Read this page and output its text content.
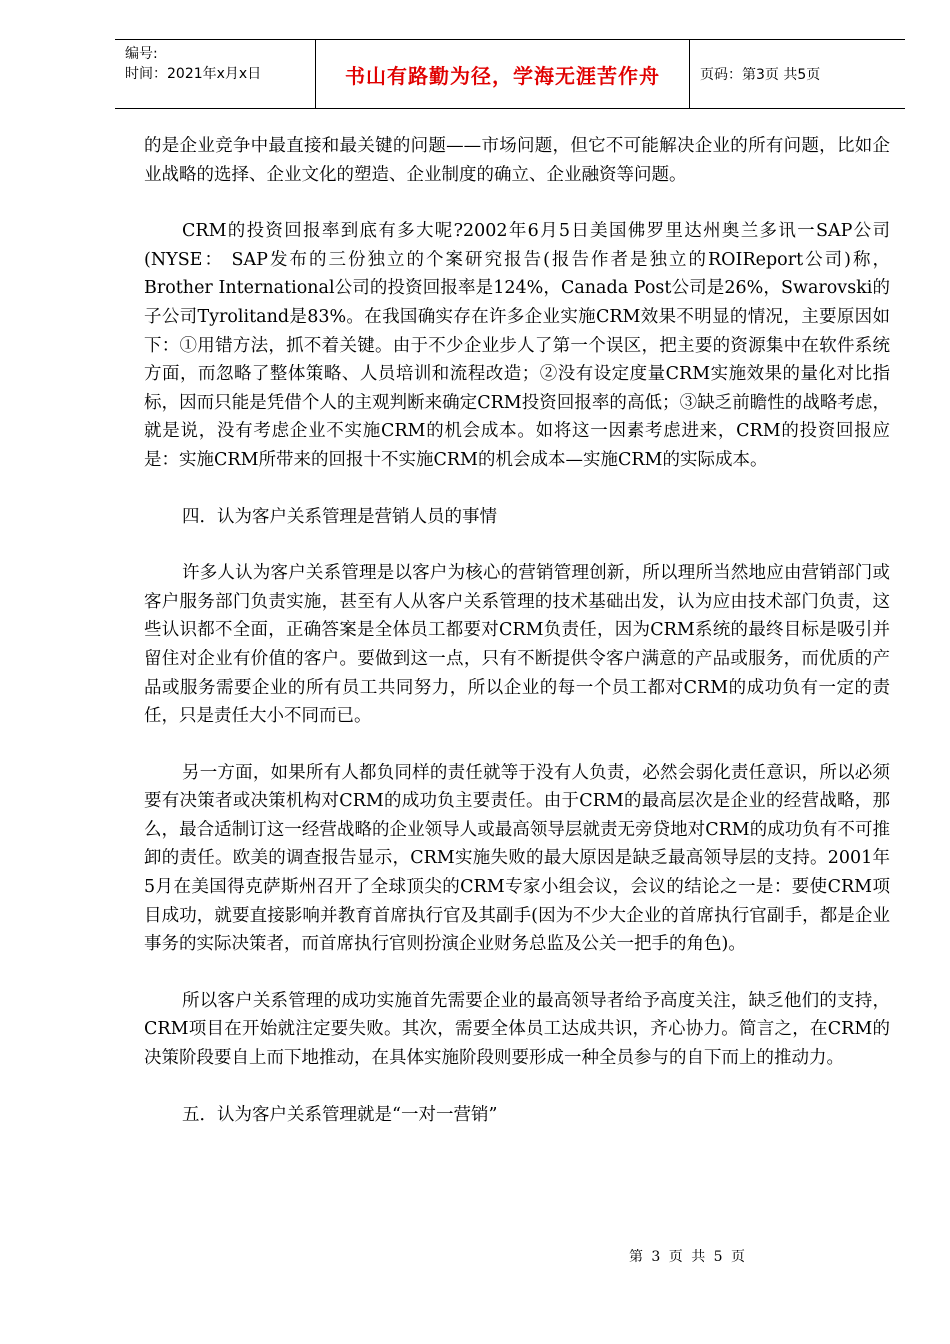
编号:
时间：2021年x月x日	书山有路勤为径，学海无涯苦作舟	页码：第3页 共5页

的是企业竞争中最直接和最关键的问题——市场问题，但它不可能解决企业的所有问题，比如企业战略的选择、企业文化的塑造、企业制度的确立、企业融资等问题。

CRM的投资回报率到底有多大呢?2002年6月5日美国佛罗里达州奥兰多讯一SAP公司(NYSE： SAP发布的三份独立的个案研究报告(报告作者是独立的ROIReport公司)称，Brother International公司的投资回报率是124%，Canada Post公司是26%，Swarovski的子公司Tyrolitand是83%。在我国确实存在许多企业实施CRM效果不明显的情况，主要原因如下：①用错方法，抓不着关键。由于不少企业步人了第一个误区，把主要的资源集中在软件系统方面，而忽略了整体策略、人员培训和流程改造；②没有设定度量CRM实施效果的量化对比指标，因而只能是凭借个人的主观判断来确定CRM投资回报率的高低；③缺乏前瞻性的战略考虑，就是说，没有考虑企业不实施CRM的机会成本。如将这一因素考虑进来，CRM的投资回报应是：实施CRM所带来的回报十不实施CRM的机会成本—实施CRM的实际成本。

四．认为客户关系管理是营销人员的事情

许多人认为客户关系管理是以客户为核心的营销管理创新，所以理所当然地应由营销部门或客户服务部门负责实施，甚至有人从客户关系管理的技术基础出发，认为应由技术部门负责，这些认识都不全面，正确答案是全体员工都要对CRM负责任，因为CRM系统的最终目标是吸引并留住对企业有价值的客户。要做到这一点，只有不断提供令客户满意的产品或服务，而优质的产品或服务需要企业的所有员工共同努力，所以企业的每一个员工都对CRM的成功负有一定的责任，只是责任大小不同而已。

另一方面，如果所有人都负同样的责任就等于没有人负责，必然会弱化责任意识，所以必须要有决策者或决策机构对CRM的成功负主要责任。由于CRM的最高层次是企业的经营战略，那么，最合适制订这一经营战略的企业领导人或最高领导层就责无旁贷地对CRM的成功负有不可推卸的责任。欧美的调查报告显示，CRM实施失败的最大原因是缺乏最高领导层的支持。2001年5月在美国得克萨斯州召开了全球顶尖的CRM专家小组会议，会议的结论之一是：要使CRM项目成功，就要直接影响并教育首席执行官及其副手(因为不少大企业的首席执行官副手，都是企业事务的实际决策者，而首席执行官则扮演企业财务总监及公关一把手的角色)。

所以客户关系管理的成功实施首先需要企业的最高领导者给予高度关注，缺乏他们的支持，CRM项目在开始就注定要失败。其次，需要全体员工达成共识，齐心协力。简言之，在CRM的决策阶段要自上而下地推动，在具体实施阶段则要形成一种全员参与的自下而上的推动力。

五．认为客户关系管理就是“一对一营销”

第 3 页 共 5 页
